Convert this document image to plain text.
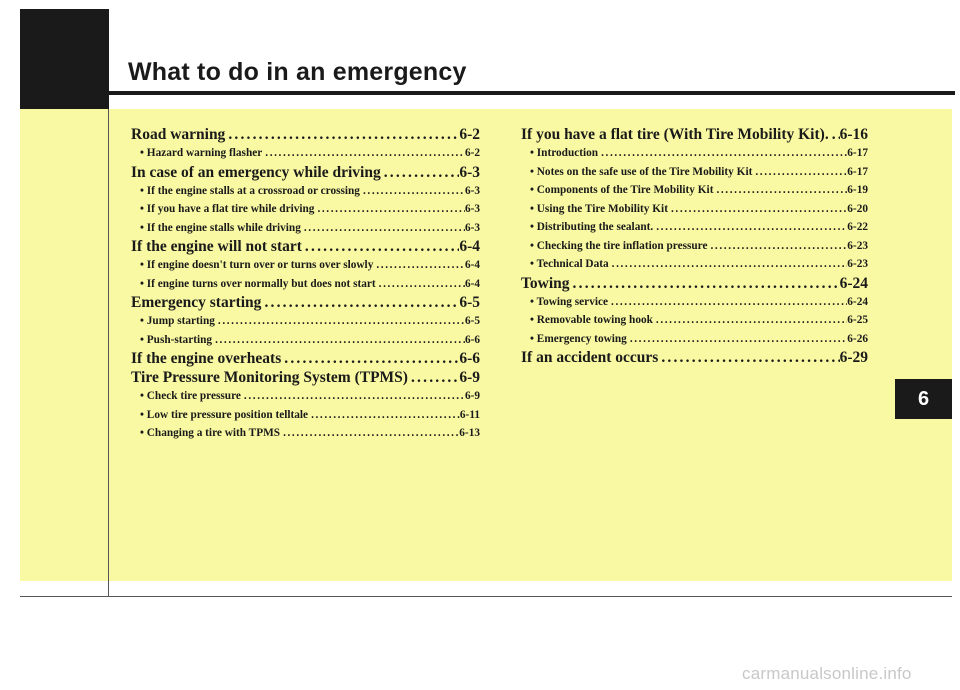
What to do in an emergency
Road warning .....	6-2
• Hazard warning flasher .....	6-2
In case of an emergency while driving .....	6-3
• If the engine stalls at a crossroad or crossing .....	6-3
• If you have a flat tire while driving .....	6-3
• If the engine stalls while driving .....	6-3
If the engine will not start .....	6-4
• If engine doesn't turn over or turns over slowly .....	6-4
• If engine turns over normally but does not start .....	6-4
Emergency starting .....	6-5
• Jump starting .....	6-5
• Push-starting .....	6-6
If the engine overheats .....	6-6
Tire Pressure Monitoring System (TPMS) .....	6-9
• Check tire pressure .....	6-9
• Low tire pressure position telltale .....	6-11
• Changing a tire with TPMS .....	6-13
If you have a flat tire (With Tire Mobility Kit). ..... 6-16
• Introduction .....	6-17
• Notes on the safe use of the Tire Mobility Kit .....	6-17
• Components of the Tire Mobility Kit .....	6-19
• Using the Tire Mobility Kit .....	6-20
• Distributing the sealant. .....	6-22
• Checking the tire inflation pressure .....	6-23
• Technical Data .....	6-23
Towing .....	6-24
• Towing service .....	6-24
• Removable towing hook .....	6-25
• Emergency towing .....	6-26
If an accident occurs .....	6-29
6
carmanualsonline.info
